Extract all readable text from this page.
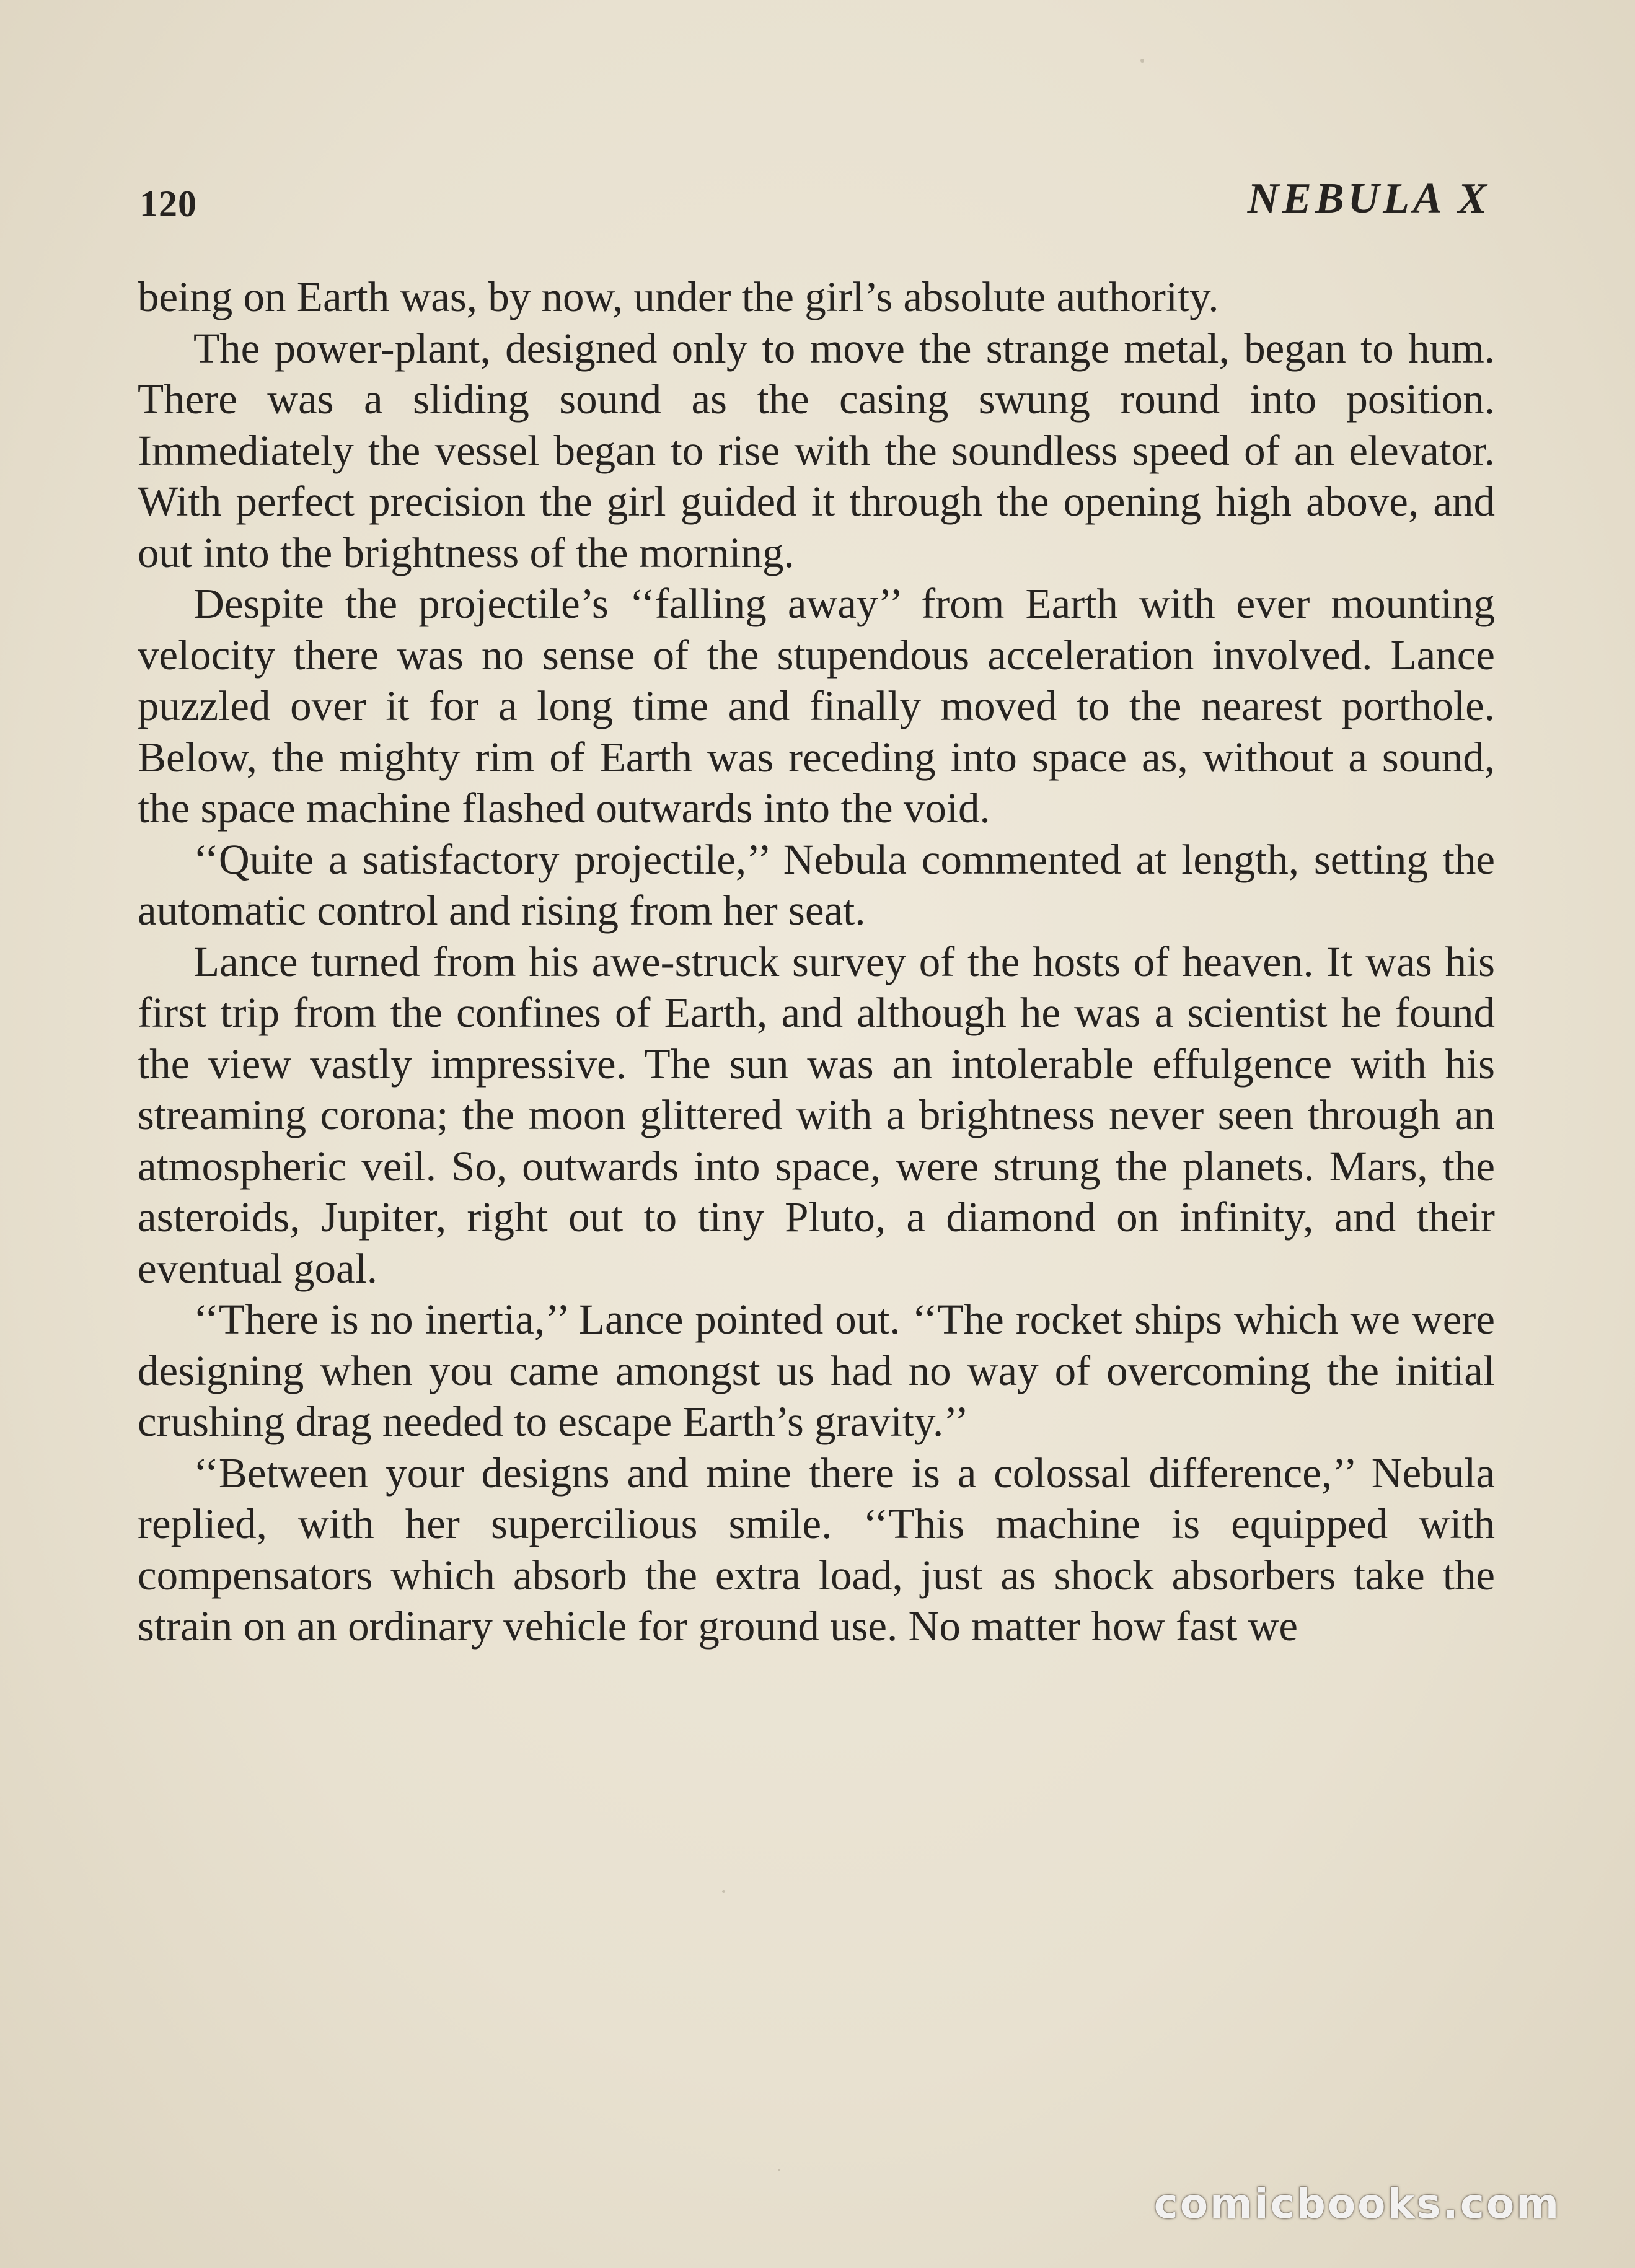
120	NEBULA X

being on Earth was, by now, under the girl’s absolute authority.

The power-plant, designed only to move the strange metal, began to hum. There was a sliding sound as the casing swung round into position. Immediately the vessel began to rise with the soundless speed of an elevator. With perfect precision the girl guided it through the opening high above, and out into the brightness of the morning.

Despite the projectile’s ‘‘falling away’’ from Earth with ever mounting velocity there was no sense of the stupendous acceleration involved. Lance puzzled over it for a long time and finally moved to the nearest porthole. Below, the mighty rim of Earth was receding into space as, without a sound, the space machine flashed outwards into the void.

‘‘Quite a satisfactory projectile,’’ Nebula commented at length, setting the automatic control and rising from her seat.

Lance turned from his awe-struck survey of the hosts of heaven. It was his first trip from the confines of Earth, and although he was a scientist he found the view vastly impressive. The sun was an intolerable effulgence with his streaming corona; the moon glittered with a brightness never seen through an atmospheric veil. So, outwards into space, were strung the planets. Mars, the asteroids, Jupiter, right out to tiny Pluto, a diamond on infinity, and their eventual goal.

‘‘There is no inertia,’’ Lance pointed out. ‘‘The rocket ships which we were designing when you came amongst us had no way of overcoming the initial crushing drag needed to escape Earth’s gravity.’’

‘‘Between your designs and mine there is a colossal difference,’’ Nebula replied, with her supercilious smile. ‘‘This machine is equipped with compensators which absorb the extra load, just as shock absorbers take the strain on an ordinary vehicle for ground use. No matter how fast we

comicbooks.com
